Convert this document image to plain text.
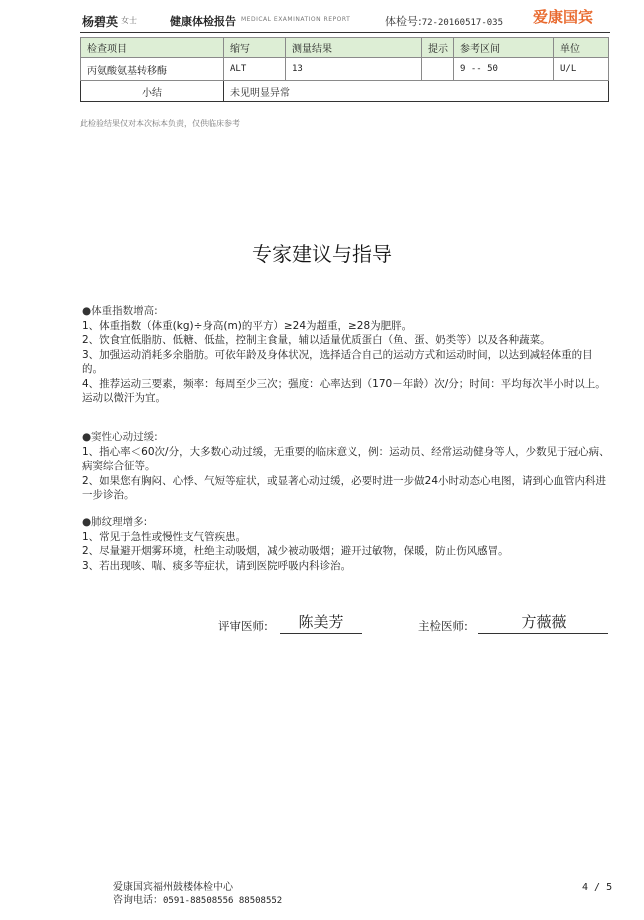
杨碧英 女士	健康体检报告 MEDICAL EXAMINATION REPORT	体检号:72-20160517-035 爱康国宾
检查项目	缩写	测量结果	提示	参考区间	单位
丙氨酸氨基转移酶	ALT	13		9 -- 50	U/L
小结	未见明显异常				
此检验结果仅对本次标本负责，仅供临床参考
专家建议与指导

●体重指数增高:

1、体重指数（体重(kg)÷身高(m)的平方）≥24为超重，≥28为肥胖。

2、饮食宜低脂肪、低糖、低盐，控制主食量，辅以适量优质蛋白（鱼、蛋、奶类等）以及各种蔬菜。

3、加强运动消耗多余脂肪。可依年龄及身体状况，选择适合自己的运动方式和运动时间，以达到减轻体重的目的。

4、推荐运动三要素，频率：每周至少三次；强度：心率达到（170－年龄）次/分；时间：平均每次半小时以上。运动以微汗为宜。

●窦性心动过缓:

1、指心率＜60次/分，大多数心动过缓，无重要的临床意义，例：运动员、经常运动健身等人，少数见于冠心病、病窦综合征等。

2、如果您有胸闷、心悸、气短等症状，或显著心动过缓，必要时进一步做24小时动态心电图，请到心血管内科进一步诊治。

●肺纹理增多:

1、常见于急性或慢性支气管疾患。

2、尽量避开烟雾环境，杜绝主动吸烟，减少被动吸烟；避开过敏物，保暖，防止伤风感冒。

3、若出现咳、喘、痰多等症状，请到医院呼吸内科诊治。

评审医师:	陈美芳	主检医师:	方薇薇
爱康国宾福州鼓楼体检中心
咨询电话：0591-88508556 88508552
4 / 5
